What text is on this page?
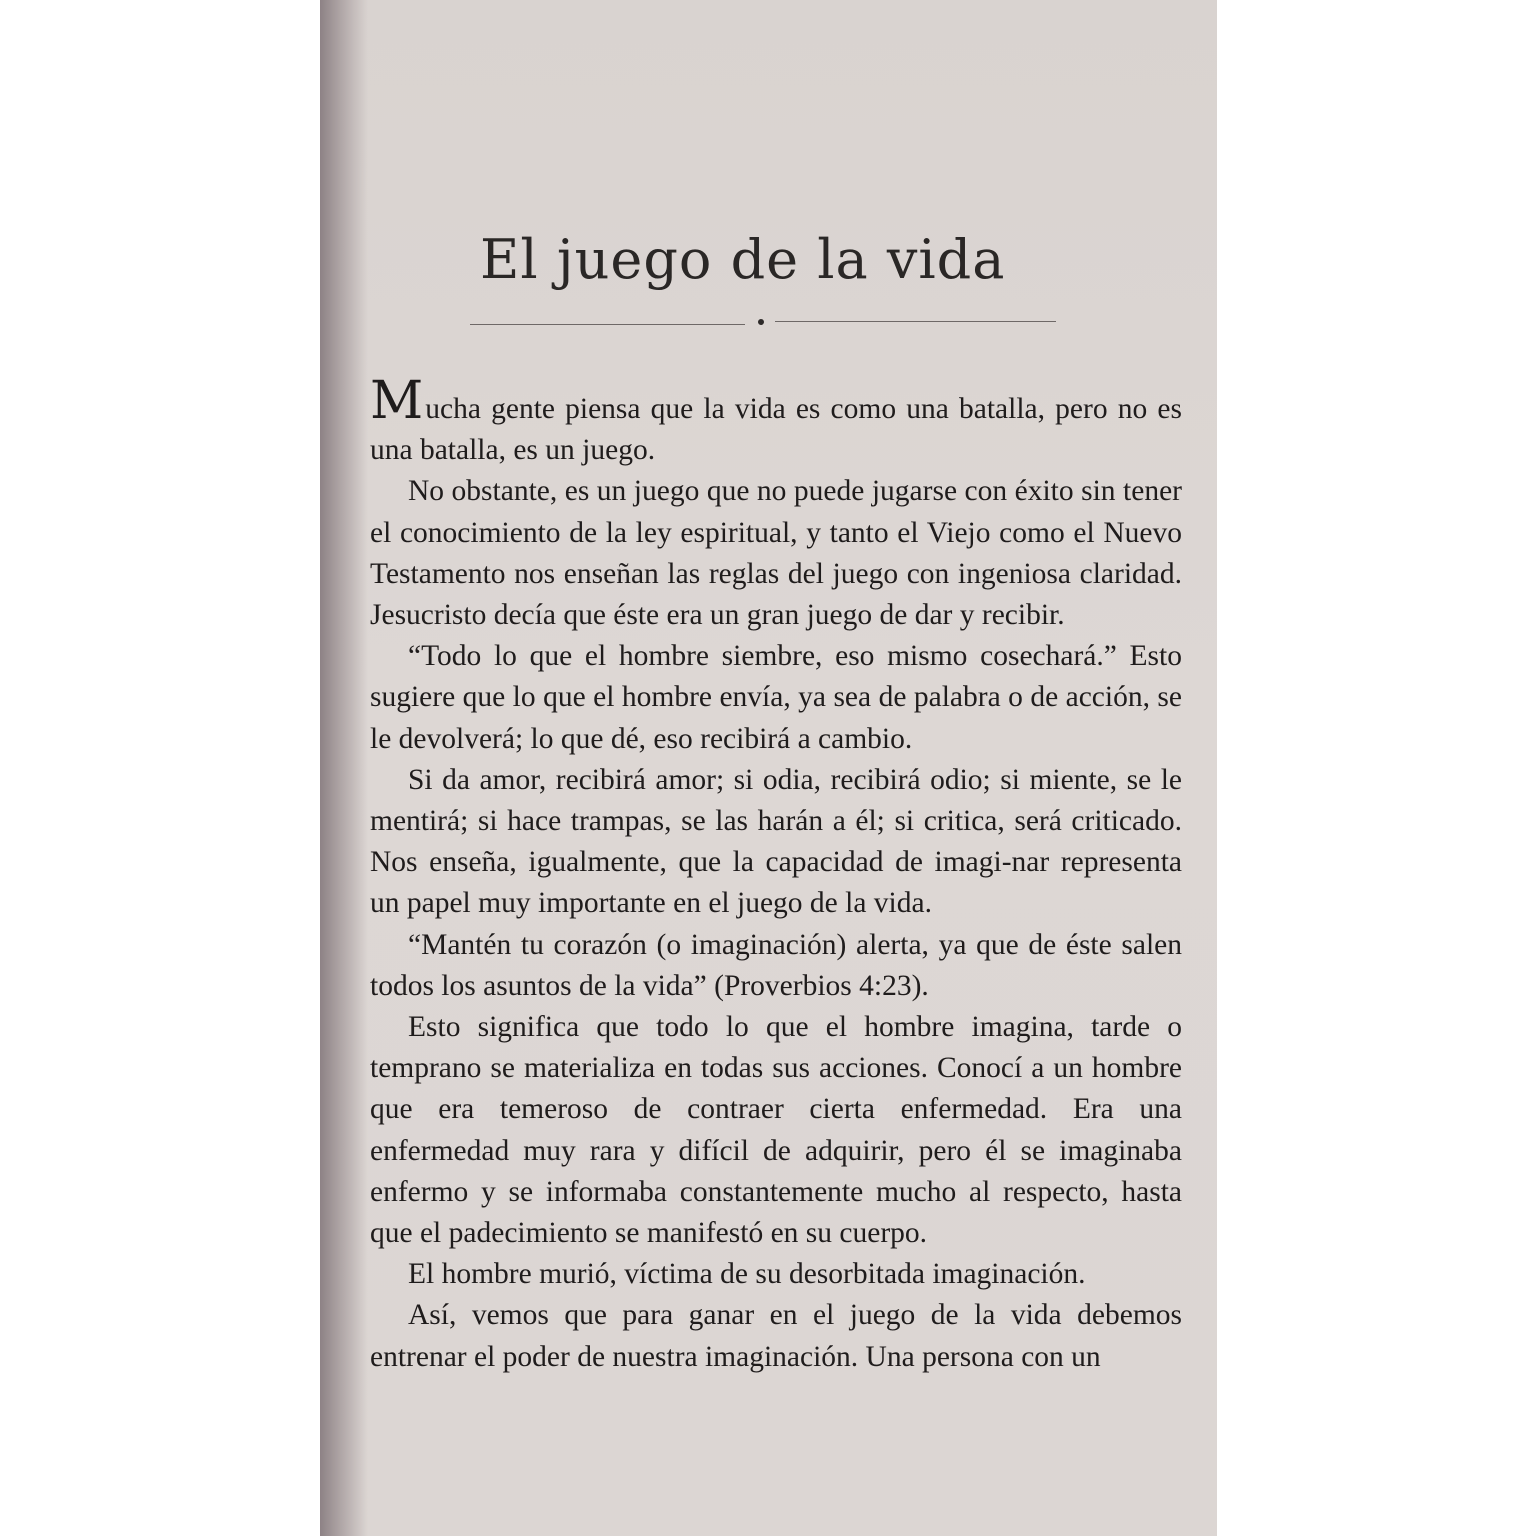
El juego de la vida

Mucha gente piensa que la vida es como una batalla, pero no es una batalla, es un juego.

No obstante, es un juego que no puede jugarse con éxito sin tener el conocimiento de la ley espiritual, y tanto el Viejo como el Nuevo Testamento nos enseñan las reglas del juego con ingeniosa claridad. Jesucristo decía que éste era un gran juego de dar y recibir.

“Todo lo que el hombre siembre, eso mismo cosechará.” Esto sugiere que lo que el hombre envía, ya sea de palabra o de acción, se le devolverá; lo que dé, eso recibirá a cambio.

Si da amor, recibirá amor; si odia, recibirá odio; si miente, se le mentirá; si hace trampas, se las harán a él; si critica, será criticado. Nos enseña, igualmente, que la capacidad de imagi-nar representa un papel muy importante en el juego de la vida.

“Mantén tu corazón (o imaginación) alerta, ya que de éste salen todos los asuntos de la vida” (Proverbios 4:23).

Esto significa que todo lo que el hombre imagina, tarde o temprano se materializa en todas sus acciones. Conocí a un hombre que era temeroso de contraer cierta enfermedad. Era una enfermedad muy rara y difícil de adquirir, pero él se imaginaba enfermo y se informaba constantemente mucho al respecto, hasta que el padecimiento se manifestó en su cuerpo.

El hombre murió, víctima de su desorbitada imaginación.

Así, vemos que para ganar en el juego de la vida debemos entrenar el poder de nuestra imaginación. Una persona con un
